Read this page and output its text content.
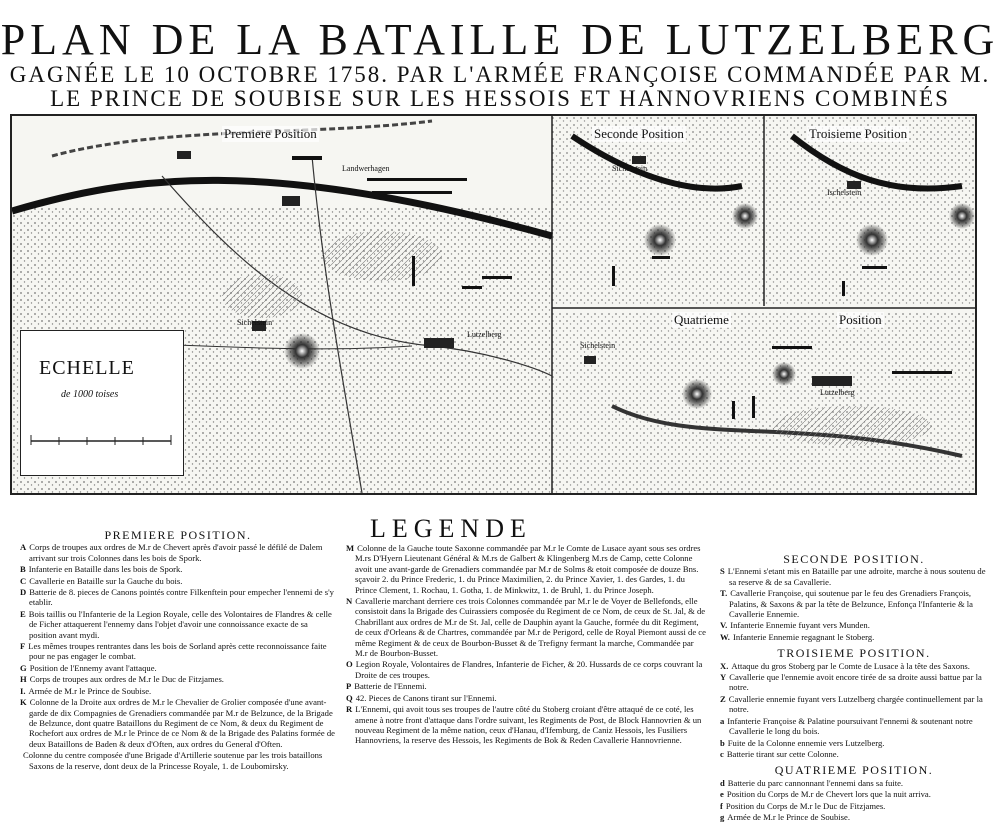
PLAN DE LA BATAILLE DE LUTZELBERG
GAGNÉE LE 10 OCTOBRE 1758. PAR L'ARMÉE FRANÇOISE COMMANDÉE PAR M.
LE PRINCE DE SOUBISE SUR LES HESSOIS ET HANNOVRIENS COMBINÉS
Premiere Position	Seconde Position	Troisieme Position
Quatrieme	Position
Landwerhagen
Sichelstein
Lutzelberg
Sichelstein
Ischelstein
Sichelstein
Lutzelberg
ECHELLE
de 1000 toises
LEGENDE
PREMIERE POSITION.

A Corps de troupes aux ordres de M.r de Chevert après d'avoir passé le défilé de Dalem arrivant sur trois Colonnes dans les bois de Spork.

B Infanterie en Bataille dans les bois de Spork.

C Cavallerie en Bataille sur la Gauche du bois.

D Batterie de 8. pieces de Canons pointés contre Filkenftein pour empecher l'ennemi de s'y etablir.

E Bois taillis ou l'Infanterie de la Legion Royale, celle des Volontaires de Flandres & celle de Ficher attaquerent l'ennemy dans l'objet d'avoir une connoissance exacte de sa position avant mydi.

F Les mêmes troupes rentrantes dans les bois de Sorland après cette reconnoissance faite pour ne pas engager le combat.

G Position de l'Ennemy avant l'attaque.

H Corps de troupes aux ordres de M.r le Duc de Fitzjames.

I. Armée de M.r le Prince de Soubise.

K Colonne de la Droite aux ordres de M.r le Chevalier de Grolier composée d'une avant-garde de dix Compagnies de Grenadiers commandée par M.r de Belzunce, de la Brigade de Belzunce, dont quatre Bataillons du Regiment de ce Nom, & deux du Regiment de Rochefort aux ordres de M.r le Prince de ce Nom & de la Brigade des Palatins formée de deux Bataillons de Baden & deux d'Often, aux ordres du General d'Often.

Colonne du centre composée d'une Brigade d'Artillerie soutenue par les trois bataillons Saxons de la reserve, dont deux de la Princesse Royale, 1. de Loubomirsky.

M Colonne de la Gauche toute Saxonne commandée par M.r le Comte de Lusace ayant sous ses ordres M.rs D'Hyern Lieutenant Général & M.rs de Galbert & Klingenberg M.rs de Camp, cette Colonne avoit une avant-garde de Grenadiers commandée par M.r de Solms & etoit composée de douze Bns. sçavoir 2. du Prince Frederic, 1. du Prince Maximilien, 2. du Prince Xavier, 1. des Gardes, 1. du Prince Clement, 1. Rochau, 1. Gotha, 1. de Minkwitz, 1. de Bruhl, 1. du Prince Joseph.

N Cavallerie marchant derriere ces trois Colonnes commandée par M.r le de Voyer de Bellefonds, elle consistoit dans la Brigade des Cuirassiers composée du Regiment de ce Nom, de ceux de St. Jal, & de Chabrillant aux ordres de M.r de St. Jal, celle de Dauphin ayant la Gauche, formée du dit Regiment, de ceux d'Orleans & de Chartres, commandée par M.r de Perigord, celle de Royal Piemont aussi de ce même Regiment & de ceux de Bourbon-Busset & de Trefigny fermant la marche, Commandée par M.r de Bourbon-Busset.

O Legion Royale, Volontaires de Flandres, Infanterie de Ficher, & 20. Hussards de ce corps couvrant la Droite de ces troupes.

P Batterie de l'Ennemi.

Q 42. Pieces de Canons tirant sur l'Ennemi.

R L'Ennemi, qui avoit tous ses troupes de l'autre côté du Stoberg croiant d'être attaqué de ce coté, les amene à notre front d'attaque dans l'ordre suivant, les Regiments de Post, de Block Hannovrien & un nouveau Regiment de la même nation, ceux d'Hanau, d'Ifemburg, de Caniz Hessois, les Fusiliers Hannovriens, la reserve des Hessois, les Regiments de Bok & Reden Cavallerie Hannovrienne.

SECONDE POSITION.

S L'Ennemi s'etant mis en Bataille par une adroite, marche à nous soutenu de sa reserve & de sa Cavallerie.

T. Cavallerie Françoise, qui soutenue par le feu des Grenadiers François, Palatins, & Saxons & par la tête de Belzunce, Enfonça l'Infanterie & la Cavallerie Ennemie.

V. Infanterie Ennemie fuyant vers Munden.

W. Infanterie Ennemie regagnant le Stoberg.

TROISIEME POSITION.

X. Attaque du gros Stoberg par le Comte de Lusace à la tête des Saxons.

Y Cavallerie que l'ennemie avoit encore tirée de sa droite aussi battue par la notre.

Z Cavallerie ennemie fuyant vers Lutzelberg chargée continuellement par la notre.

a Infanterie Françoise & Palatine poursuivant l'ennemi & soutenant notre Cavallerie le long du bois.

b Fuite de la Colonne ennemie vers Lutzelberg.

c Batterie tirant sur cette Colonne.

QUATRIEME POSITION.

d Batterie du parc cannonnant l'ennemi dans sa fuite.

e Position du Corps de M.r de Chevert lors que la nuit arriva.

f Position du Corps de M.r le Duc de Fitzjames.

g Armée de M.r le Prince de Soubise.
